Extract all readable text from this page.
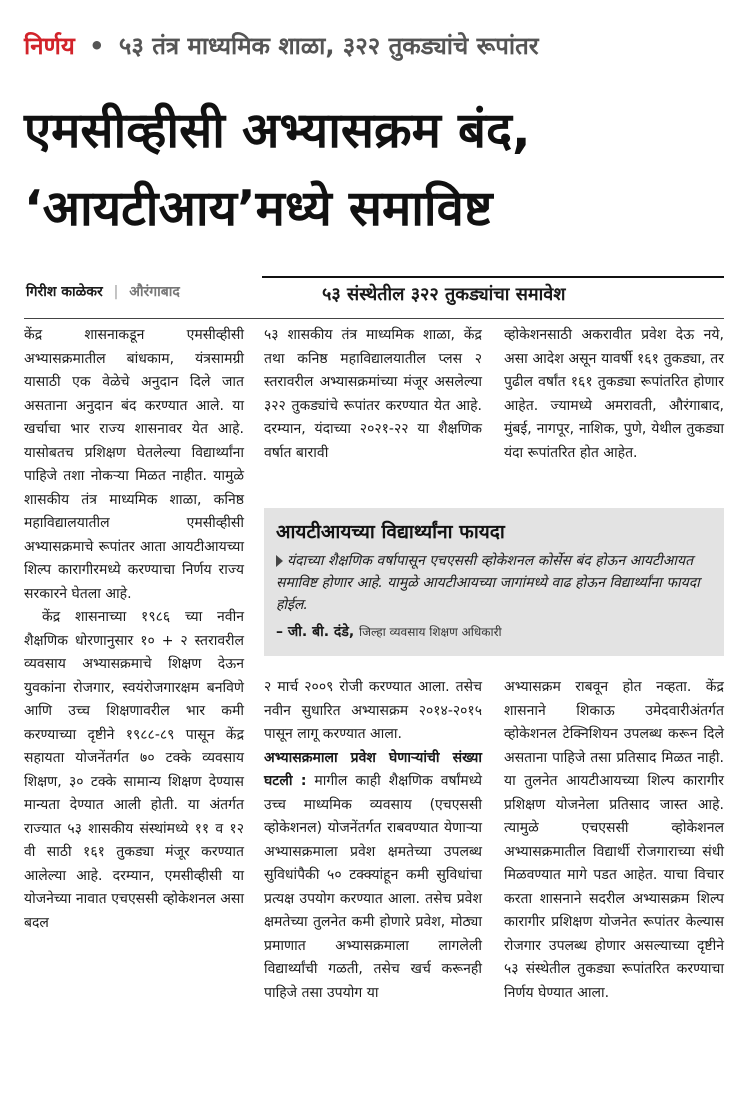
निर्णय • ५३ तंत्र माध्यमिक शाळा, ३२२ तुकड्यांचे रूपांतर
एमसीव्हीसी अभ्यासक्रम बंद,
‘आयटीआय’मध्ये समाविष्ट
गिरीश काळेकर | औरंगाबाद	५३ संस्थेतील ३२२ तुकड्यांचा समावेश

केंद्र शासनाकडून एमसीव्हीसी अभ्यासक्रमातील बांधकाम, यंत्रसामग्री यासाठी एक वेळेचे अनुदान दिले जात असताना अनुदान बंद करण्यात आले. या खर्चाचा भार राज्य शासनावर येत आहे. यासोबतच प्रशिक्षण घेतलेल्या विद्यार्थ्यांना पाहिजे तशा नोकऱ्या मिळत नाहीत. यामुळे शासकीय तंत्र माध्यमिक शाळा, कनिष्ठ महाविद्यालयातील एमसीव्हीसी अभ्यासक्रमाचे रूपांतर आता आयटीआयच्या शिल्प कारागीरमध्ये करण्याचा निर्णय राज्य सरकारने घेतला आहे.

केंद्र शासनाच्या १९८६ च्या नवीन शैक्षणिक धोरणानुसार १० + २ स्तरावरील व्यवसाय अभ्यासक्रमाचे शिक्षण देऊन युवकांना रोजगार, स्वयंरोजगारक्षम बनविणे आणि उच्च शिक्षणावरील भार कमी करण्याच्या दृष्टीने १९८८-८९ पासून केंद्र सहायता योजनेंतर्गत ७० टक्के व्यवसाय शिक्षण, ३० टक्के सामान्य शिक्षण देण्यास मान्यता देण्यात आली होती. या अंतर्गत राज्यात ५३ शासकीय संस्थांमध्ये ११ व १२ वी साठी १६१ तुकड्या मंजूर करण्यात आलेल्या आहे. दरम्यान, एमसीव्हीसी या योजनेच्या नावात एचएससी व्होकेशनल असा बदल

५३ शासकीय तंत्र माध्यमिक शाळा, केंद्र तथा कनिष्ठ महाविद्यालयातील प्लस २ स्तरावरील अभ्यासक्रमांच्या मंजूर असलेल्या ३२२ तुकड्यांचे रूपांतर करण्यात येत आहे. दरम्यान, यंदाच्या २०२१-२२ या शैक्षणिक वर्षात बारावी

व्होकेशनसाठी अकरावीत प्रवेश देऊ नये, असा आदेश असून यावर्षी १६१ तुकड्या, तर पुढील वर्षांत १६१ तुकड्या रूपांतरित होणार आहेत. ज्यामध्ये अमरावती, औरंगाबाद, मुंबई, नागपूर, नाशिक, पुणे, येथील तुकड्या यंदा रूपांतरित होत आहेत.

आयटीआयच्या विद्यार्थ्यांना फायदा
यंदाच्या शैक्षणिक वर्षापासून एचएससी व्होकेशनल कोर्सेस बंद होऊन आयटीआयत समाविष्ट होणार आहे. यामुळे आयटीआयच्या जागांमध्ये वाढ होऊन विद्यार्थ्यांना फायदा होईल.
– जी. बी. दंडे, जिल्हा व्यवसाय शिक्षण अधिकारी

२ मार्च २००९ रोजी करण्यात आला. तसेच नवीन सुधारित अभ्यासक्रम २०१४-२०१५ पासून लागू करण्यात आला.

अभ्यासक्रमाला प्रवेश घेणाऱ्यांची संख्या घटली : मागील काही शैक्षणिक वर्षांमध्ये उच्च माध्यमिक व्यवसाय (एचएससी व्होकेशनल) योजनेंतर्गत राबवण्यात येणाऱ्या अभ्यासक्रमाला प्रवेश क्षमतेच्या उपलब्ध सुविधांपैकी ५० टक्क्यांहून कमी सुविधांचा प्रत्यक्ष उपयोग करण्यात आला. तसेच प्रवेश क्षमतेच्या तुलनेत कमी होणारे प्रवेश, मोठ्या प्रमाणात अभ्यासक्रमाला लागलेली विद्यार्थ्यांची गळती, तसेच खर्च करूनही पाहिजे तसा उपयोग या

अभ्यासक्रम राबवून होत नव्हता. केंद्र शासनाने शिकाऊ उमेदवारीअंतर्गत व्होकेशनल टेक्निशियन उपलब्ध करून दिले असताना पाहिजे तसा प्रतिसाद मिळत नाही. या तुलनेत आयटीआयच्या शिल्प कारागीर प्रशिक्षण योजनेला प्रतिसाद जास्त आहे. त्यामुळे एचएससी व्होकेशनल अभ्यासक्रमातील विद्यार्थी रोजगाराच्या संधी मिळवण्यात मागे पडत आहेत. याचा विचार करता शासनाने सदरील अभ्यासक्रम शिल्प कारागीर प्रशिक्षण योजनेत रूपांतर केल्यास रोजगार उपलब्ध होणार असल्याच्या दृष्टीने ५३ संस्थेतील तुकड्या रूपांतरित करण्याचा निर्णय घेण्यात आला.
